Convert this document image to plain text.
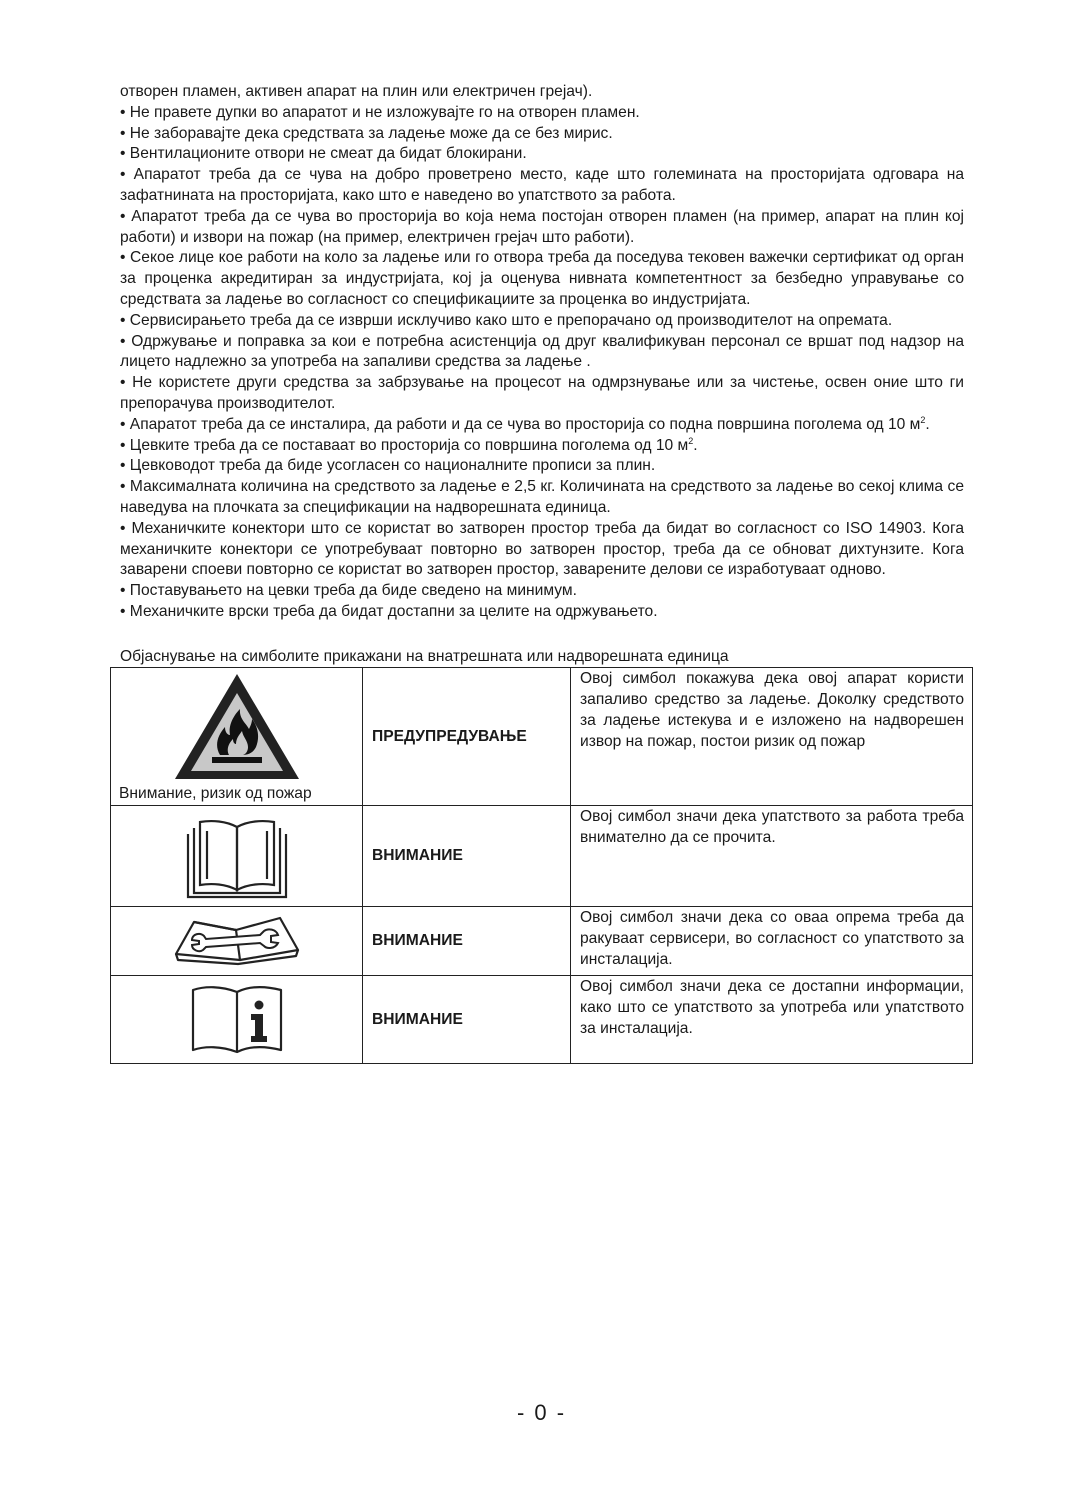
отворен пламен, активен апарат на плин или електричен грејач).

• Не правете дупки во апаратот и не изложувајте го на отворен пламен.

• Не заборавајте дека средствата за ладење може да се без мирис.

• Вентилационите отвори не смеат да бидат блокирани.

• Апаратот треба да се чува на добро проветрено место, каде што големината на просторијата одговара на зафатнината на просторијата, како што е наведено во упатството за работа.

• Апаратот треба да се чува во просторија во која нема постојан отворен пламен (на пример, апарат на плин кој работи) и извори на пожар (на пример, електричен грејач што работи).

• Секое лице кое работи на коло за ладење или го отвора треба да поседува тековен важечки сертификат од орган за проценка акредитиран за индустријата, кој ја оценува нивната компетентност за безбедно управување со средствата за ладење во согласност со спецификациите за проценка во индустријата.

• Сервисирањето треба да се изврши исклучиво како што е препорачано од производителот на опремата.

• Одржување и поправка за кои е потребна асистенција од друг квалификуван персонал се вршат под надзор на лицето надлежно за употреба на запаливи средства за ладење .

• Не користете други средства за забрзување на процесот на одмрзнување или за чистење, освен оние што ги препорачува производителот.

• Апаратот треба да се инсталира, да работи и да се чува во просторија со подна површина поголема од 10 $м^2$.

• Цевките треба да се поставаат во просторија со површина поголема од 10 $м^2$.

• Цевководот треба да биде усогласен со националните прописи за плин.

• Максималната количина на средството за ладење е 2,5 кг. Количината на средството за ладење во секој клима се наведува на плочката за спецификации на надворешната единица.

• Механичките конектори што се користат во затворен простор треба да бидат во согласност со ISO 14903. Кога механичките конектори се употребуваат повторно во затворен простор, треба да се обноват дихтунзите. Кога заварени спoеви повторно се користат во затворен простор, заварените делови се изработуваат одново.

• Поставувањето на цевки треба да биде сведено на минимум.

• Механичките врски треба да бидат достапни за целите на одржувањето.

Објаснување на симболите прикажани на внатрешната или надворешната единица

Внимание, ризик од пожар	ПРЕДУПРЕДУВАЊЕ	Овој симбол покажува дека овој апарат користи запаливо средство за ладење. Доколку средството за ладење истекува и е изложено на надворешен извор на пожар, постои ризик од пожар
	ВНИМАНИЕ	Овој симбол значи дека упатството за работа треба внимателно да се прочита.
	ВНИМАНИЕ	Овој симбол значи дека со оваа опрема треба да ракуваат сервисери, во согласност со упатството за инсталација.
	ВНИМАНИЕ	Овој симбол значи дека се достапни информации, како што се упатството за употреба или упатството за инсталација.
- 0 -
